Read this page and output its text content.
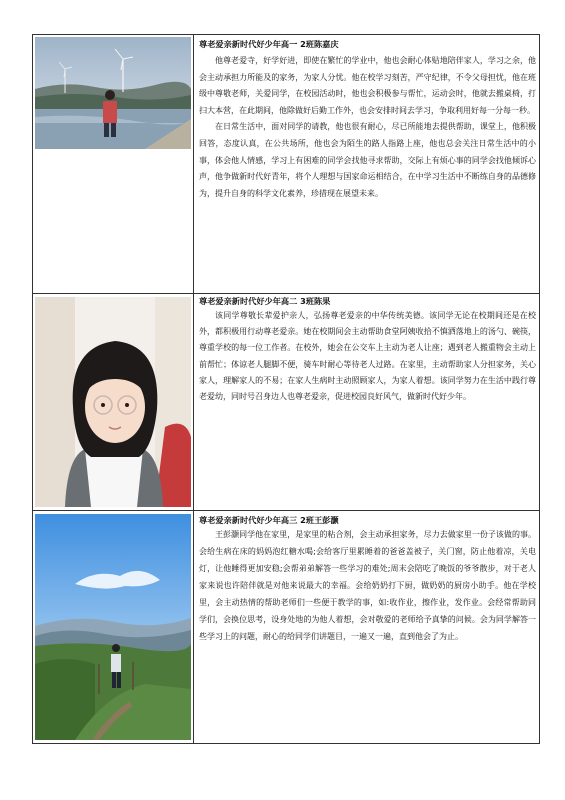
尊老爱亲新时代好少年高一 2班陈嘉庆

他尊老爱寺，好学好进，即使在繁忙的学业中，他也会耐心体贴地陪伴家人，学习之余，他会主动承担力所能及的家务，为家人分忧。他在校学习刻苦，严守纪律，不令父母担忧，他在班级中尊敬老师，关爱同学，在校园活动时，他也会积极参与帮忙，运动会时，他就去搬桌椅，打扫大本营，在此期间，他除做好后勤工作外，也会安排时间去学习，争取利用好每一分每一秒。

在日常生活中，面对同学的请教，他也很有耐心，尽已所能地去提供帮助，课堂上，他积极回答，态度认真，在公共场所，他也会为陌生的路人指路上座，他也总会关注日常生活中的小事，体会他人情感，学习上有困难的同学会找他寻求帮助，交际上有烦心事的同学会找他倾诉心声，他争做新时代好青年，将个人理想与国家命运相结合，在中学习生活中不断练自身的品德修为，提升自身的科学文化素养，珍措现在展望未来。

尊老爱亲新时代好少年高二 3班陈果

该同学尊敬长辈爱护亲人，弘扬尊老爱亲的中华传统美德。该同学无论在校期间还是在校外，都积极用行动尊老爱亲。她在校期间会主动帮助食堂阿姨收拾不慎洒落地上的汤勺、碗筷，尊重学校的每一位工作者。在校外，她会在公交车上主动为老人让座；遇到老人搬重物会主动上前帮忙；体谅老人腿脚不便，骑车时耐心等待老人过路。在家里，主动帮助家人分担家务，关心家人，理解家人的不易；在家人生病时主动照顾家人，为家人着想。该同学努力在生活中践行尊老爱幼，同时号召身边人也尊老爱亲，促进校园良好风气，做新时代好少年。

尊老爱亲新时代好少年高三 2班王彭灏

王彭灏同学他在家里，是家里的粘合剂，会主动承担家务，尽力去做家里一份子该做的事。会给生病在床的妈妈泡红糖水喝;会给客厅里累睡着的爸爸盖被子，关门窗，防止他着凉，关电灯，让他睡得更加安稳;会帮弟弟解答一些学习的难处;周末会陪吃了晚饭的爷爷散步，对于老人家来说也许陪伴就是对他来说最大的幸福。会给奶奶打下厨，做奶奶的厨房小助手。他在学校里，会主动热情的帮助老师们一些便于教学的事，如:收作业，擦作业，发作业。会经常帮助同学们，会换位思考，设身处地的为他人着想，会对敬爱的老师给予真挚的问候。会为同学解答一些学习上的问题，耐心的给同学们讲题目，一遍又一遍，直到他会了为止。
